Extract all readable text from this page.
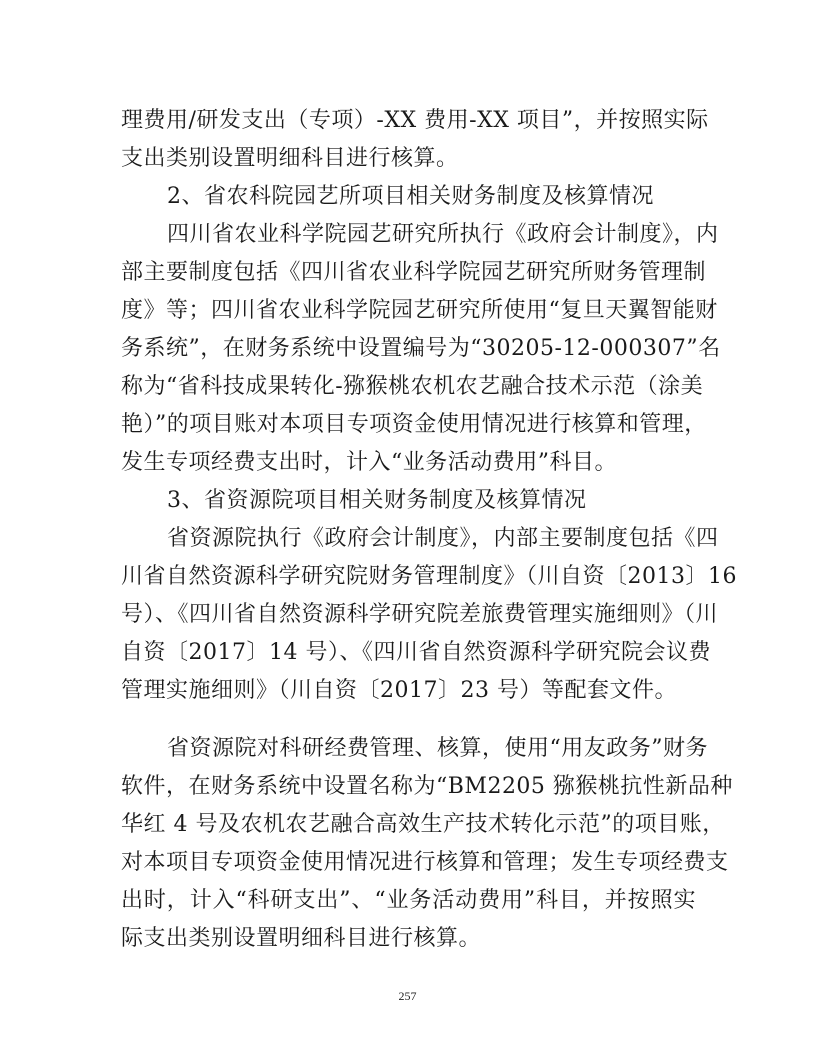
理费用/研发支出（专项）-XX 费用-XX 项目”，并按照实际
支出类别设置明细科目进行核算。
2、省农科院园艺所项目相关财务制度及核算情况
四川省农业科学院园艺研究所执行《政府会计制度》，内
部主要制度包括《四川省农业科学院园艺研究所财务管理制
度》等；四川省农业科学院园艺研究所使用“复旦天翼智能财
务系统”，在财务系统中设置编号为“30205-12-000307”名
称为“省科技成果转化-猕猴桃农机农艺融合技术示范（涂美
艳）”的项目账对本项目专项资金使用情况进行核算和管理，
发生专项经费支出时，计入“业务活动费用”科目。
3、省资源院项目相关财务制度及核算情况
省资源院执行《政府会计制度》，内部主要制度包括《四
川省自然资源科学研究院财务管理制度》（川自资〔2013〕16
号）、《四川省自然资源科学研究院差旅费管理实施细则》（川
自资〔2017〕14 号）、《四川省自然资源科学研究院会议费
管理实施细则》（川自资〔2017〕23 号）等配套文件。
省资源院对科研经费管理、核算，使用“用友政务”财务
软件，在财务系统中设置名称为“BM2205 猕猴桃抗性新品种
华红 4 号及农机农艺融合高效生产技术转化示范”的项目账，
对本项目专项资金使用情况进行核算和管理；发生专项经费支
出时，计入“科研支出”、“业务活动费用”科目，并按照实
际支出类别设置明细科目进行核算。
257
